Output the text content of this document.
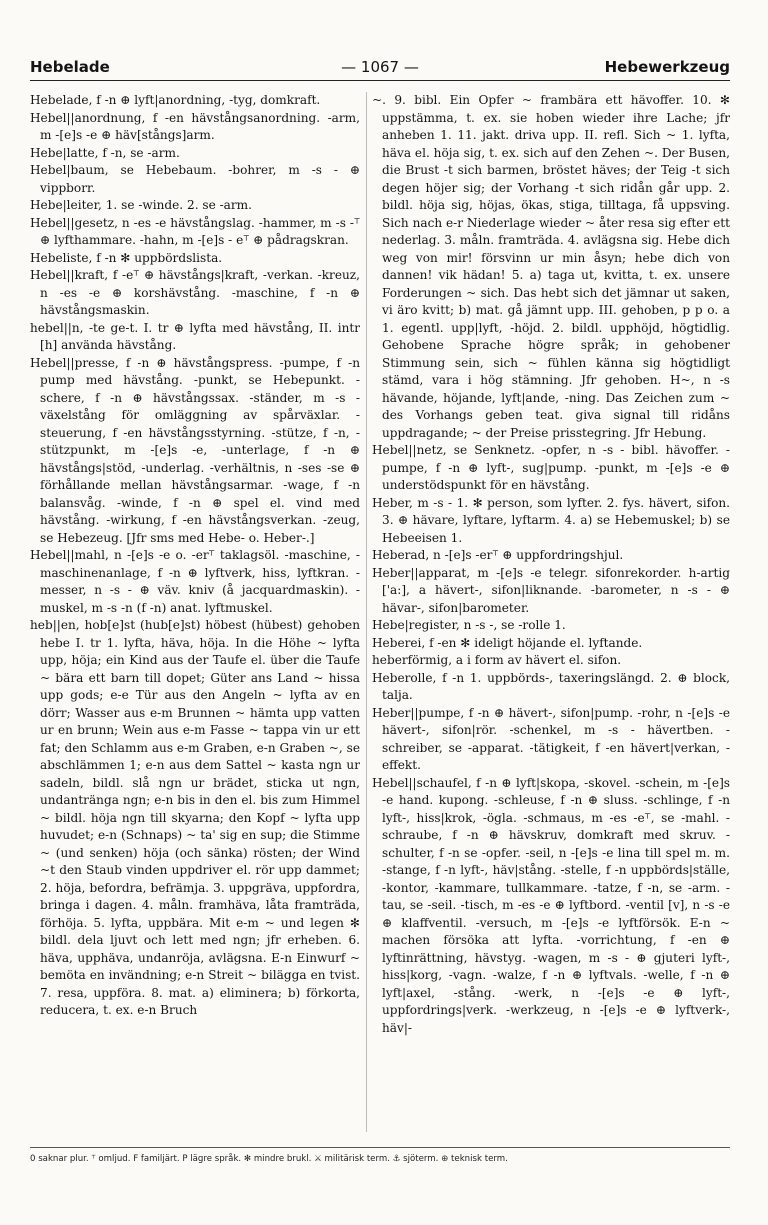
Hebelade	— 1067 —	Hebewerkzeug

Hebelade, f -n ⊕ lyft|anordning, -tyg, domkraft.

Hebel||anordnung, f -en hävstångsanordning. -arm, m -[e]s -e ⊕ häv[stångs]arm.

Hebe|latte, f -n, se -arm.

Hebel|baum, se Hebebaum. -bohrer, m -s - ⊕ vippborr.

Hebe|leiter, 1. se -winde. 2. se -arm.

Hebel||gesetz, n -es -e hävstångslag. -hammer, m -s -⸆ ⊕ lyfthammare. -hahn, m -[e]s - e⸆ ⊕ pådragskran.

Hebeliste, f -n ✻ uppbördslista.

Hebel||kraft, f -e⸆ ⊕ hävstångs|kraft, -verkan. -kreuz, n -es -e ⊕ korshävstång. -maschine, f -n ⊕ hävstångsmaskin.

hebel||n, -te ge-t. I. tr ⊕ lyfta med hävstång, II. intr [h] använda hävstång.

Hebel||presse, f -n ⊕ hävstångspress. -pumpe, f -n pump med hävstång. -punkt, se Hebepunkt. -schere, f -n ⊕ hävstångssax. -ständer, m -s - växelstång för omläggning av spårväxlar. -steuerung, f -en hävstångsstyrning. -stütze, f -n, -stützpunkt, m -[e]s -e, -unterlage, f -n ⊕ hävstångs|stöd, -underlag. -verhältnis, n -ses -se ⊕ förhållande mellan hävstångsarmar. -wage, f -n balansvåg. -winde, f -n ⊕ spel el. vind med hävstång. -wirkung, f -en hävstångsverkan. -zeug, se Hebezeug. [Jfr sms med Hebe- o. Heber-.]

Hebel||mahl, n -[e]s -e o. -er⸆ taklagsöl. -maschine, -maschinenanlage, f -n ⊕ lyftverk, hiss, lyftkran. -messer, n -s - ⊕ väv. kniv (å jacquardmaskin). -muskel, m -s -n (f -n) anat. lyftmuskel.

heb||en, hob[e]st (hub[e]st) höbest (hübest) gehoben hebe I. tr 1. lyfta, häva, höja. In die Höhe ~ lyfta upp, höja; ein Kind aus der Taufe el. über die Taufe ~ bära ett barn till dopet; Güter ans Land ~ hissa upp gods; e-e Tür aus den Angeln ~ lyfta av en dörr; Wasser aus e-m Brunnen ~ hämta upp vatten ur en brunn; Wein aus e-m Fasse ~ tappa vin ur ett fat; den Schlamm aus e-m Graben, e-n Graben ~, se abschlämmen 1; e-n aus dem Sattel ~ kasta ngn ur sadeln, bildl. slå ngn ur brädet, sticka ut ngn, undantränga ngn; e-n bis in den el. bis zum Himmel ~ bildl. höja ngn till skyarna; den Kopf ~ lyfta upp huvudet; e-n (Schnaps) ~ ta' sig en sup; die Stimme ~ (und senken) höja (och sänka) rösten; der Wind ~t den Staub vinden uppdriver el. rör upp dammet; 2. höja, befordra, befrämja. 3. uppgräva, uppfordra, bringa i dagen. 4. måln. framhäva, låta framträda, förhöja. 5. lyfta, uppbära. Mit e-m ~ und legen ✻ bildl. dela ljuvt och lett med ngn; jfr erheben. 6. häva, upphäva, undanröja, avlägsna. E-n Einwurf ~ bemöta en invändning; e-n Streit ~ bilägga en tvist. 7. resa, uppföra. 8. mat. a) eliminera; b) förkorta, reducera, t. ex. e-n Bruch

~. 9. bibl. Ein Opfer ~ frambära ett hävoffer. 10. ✻ uppstämma, t. ex. sie hoben wieder ihre Lache; jfr anheben 1. 11. jakt. driva upp. II. refl. Sich ~ 1. lyfta, häva el. höja sig, t. ex. sich auf den Zehen ~. Der Busen, die Brust -t sich barmen, bröstet häves; der Teig -t sich degen höjer sig; der Vorhang -t sich ridån går upp. 2. bildl. höja sig, höjas, ökas, stiga, tilltaga, få uppsving. Sich nach e-r Niederlage wieder ~ åter resa sig efter ett nederlag. 3. måln. framträda. 4. avlägsna sig. Hebe dich weg von mir! försvinn ur min åsyn; hebe dich von dannen! vik hädan! 5. a) taga ut, kvitta, t. ex. unsere Forderungen ~ sich. Das hebt sich det jämnar ut saken, vi äro kvitt; b) mat. gå jämnt upp. III. gehoben, p p o. a 1. egentl. upp|lyft, -höjd. 2. bildl. upphöjd, högtidlig. Gehobene Sprache högre språk; in gehobener Stimmung sein, sich ~ fühlen känna sig högtidligt stämd, vara i hög stämning. Jfr gehoben. H~, n -s hävande, höjande, lyft|ande, -ning. Das Zeichen zum ~ des Vorhangs geben teat. giva signal till ridåns uppdragande; ~ der Preise prisstegring. Jfr Hebung.

Hebel||netz, se Senknetz. -opfer, n -s - bibl. hävoffer. -pumpe, f -n ⊕ lyft-, sug|pump. -punkt, m -[e]s -e ⊕ understödspunkt för en hävstång.

Heber, m -s - 1. ✻ person, som lyfter. 2. fys. hävert, sifon. 3. ⊕ hävare, lyftare, lyftarm. 4. a) se Hebemuskel; b) se Hebeeisen 1.

Heberad, n -[e]s -er⸆ ⊕ uppfordringshjul.

Heber||apparat, m -[e]s -e telegr. sifonrekorder. h-artig ['a:], a hävert-, sifon|liknande. -barometer, n -s - ⊕ hävar-, sifon|barometer.

Hebe|register, n -s -, se -rolle 1.

Heberei, f -en ✻ ideligt höjande el. lyftande.

heberförmig, a i form av hävert el. sifon.

Heberolle, f -n 1. uppbörds-, taxeringslängd. 2. ⊕ block, talja.

Heber||pumpe, f -n ⊕ hävert-, sifon|pump. -rohr, n -[e]s -e hävert-, sifon|rör. -schenkel, m -s - hävertben. -schreiber, se -apparat. -tätigkeit, f -en hävert|verkan, -effekt.

Hebel||schaufel, f -n ⊕ lyft|skopa, -skovel. -schein, m -[e]s -e hand. kupong. -schleuse, f -n ⊕ sluss. -schlinge, f -n lyft-, hiss|krok, -ögla. -schmaus, m -es -e⸆, se -mahl. -schraube, f -n ⊕ hävskruv, domkraft med skruv. -schulter, f -n se -opfer. -seil, n -[e]s -e lina till spel m. m. -stange, f -n lyft-, häv|stång. -stelle, f -n uppbörds|ställe, -kontor, -kammare, tullkammare. -tatze, f -n, se -arm. -tau, se -seil. -tisch, m -es -e ⊕ lyftbord. -ventil [v], n -s -e ⊕ klaffventil. -versuch, m -[e]s -e lyftförsök. E-n ~ machen försöka att lyfta. -vorrichtung, f -en ⊕ lyftinrättning, hävstyg. -wagen, m -s - ⊕ gjuteri lyft-, hiss|korg, -vagn. -walze, f -n ⊕ lyftvals. -welle, f -n ⊕ lyft|axel, -stång. -werk, n -[e]s -e ⊕ lyft-, uppfordrings|verk. -werkzeug, n -[e]s -e ⊕ lyftverk-, häv|-

0 saknar plur. ⸆ omljud. F familjärt. P lägre språk. ✻ mindre brukl. ⚔ militärisk term. ⚓ sjöterm. ⊕ teknisk term.
